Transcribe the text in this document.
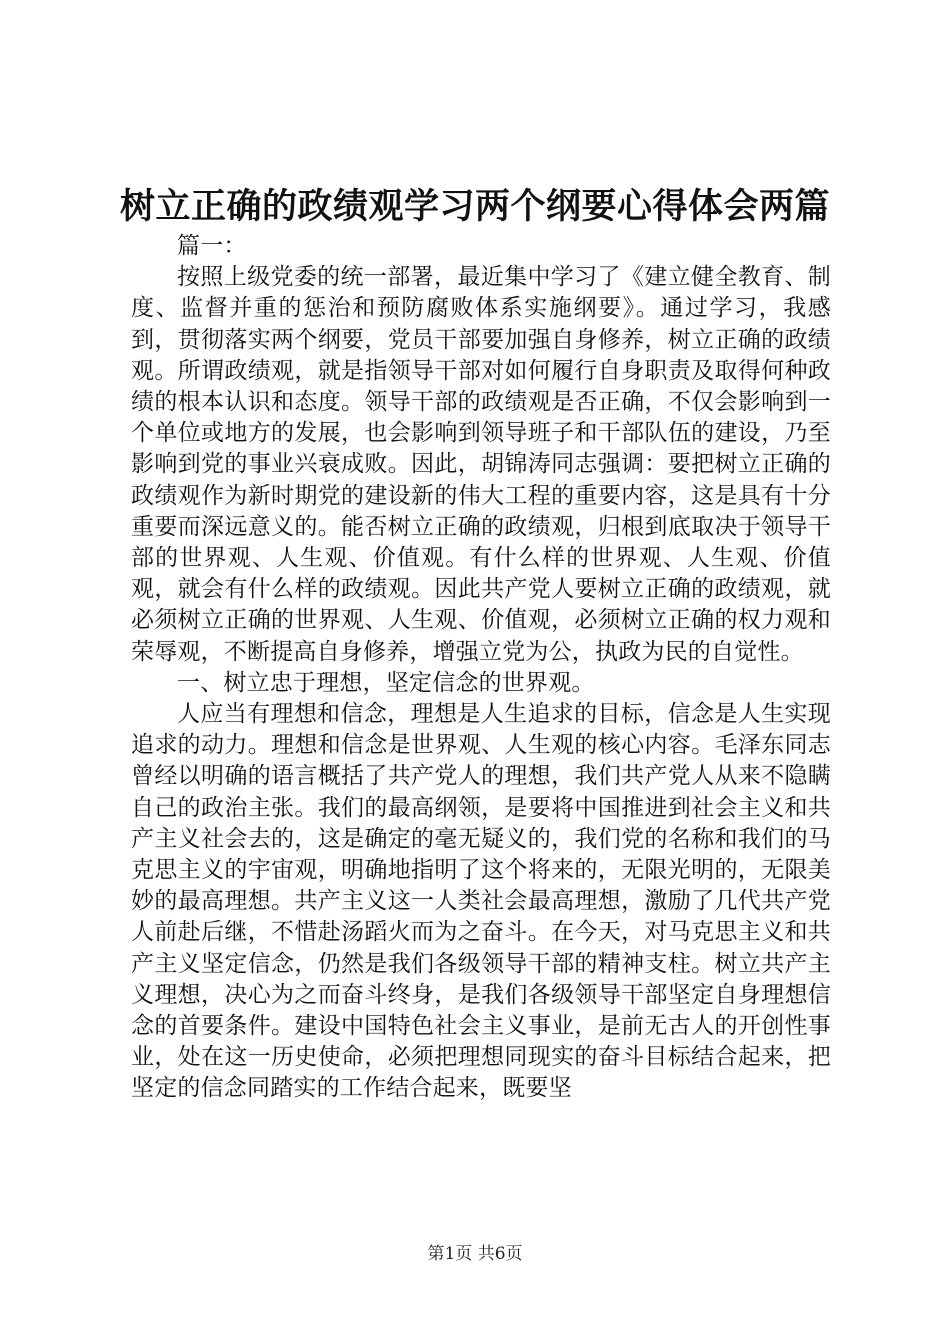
树立正确的政绩观学习两个纲要心得体会两篇

篇一：

按照上级党委的统一部署，最近集中学习了《建立健全教育、制度、监督并重的惩治和预防腐败体系实施纲要》。通过学习，我感到，贯彻落实两个纲要，党员干部要加强自身修养，树立正确的政绩观。所谓政绩观，就是指领导干部对如何履行自身职责及取得何种政绩的根本认识和态度。领导干部的政绩观是否正确，不仅会影响到一个单位或地方的发展，也会影响到领导班子和干部队伍的建设，乃至影响到党的事业兴衰成败。因此，胡锦涛同志强调：要把树立正确的政绩观作为新时期党的建设新的伟大工程的重要内容，这是具有十分重要而深远意义的。能否树立正确的政绩观，归根到底取决于领导干部的世界观、人生观、价值观。有什么样的世界观、人生观、价值观，就会有什么样的政绩观。因此共产党人要树立正确的政绩观，就必须树立正确的世界观、人生观、价值观，必须树立正确的权力观和荣辱观，不断提高自身修养，增强立党为公，执政为民的自觉性。

一、树立忠于理想，坚定信念的世界观。

人应当有理想和信念，理想是人生追求的目标，信念是人生实现追求的动力。理想和信念是世界观、人生观的核心内容。毛泽东同志曾经以明确的语言概括了共产党人的理想，我们共产党人从来不隐瞒自己的政治主张。我们的最高纲领，是要将中国推进到社会主义和共产主义社会去的，这是确定的毫无疑义的，我们党的名称和我们的马克思主义的宇宙观，明确地指明了这个将来的，无限光明的，无限美妙的最高理想。共产主义这一人类社会最高理想，激励了几代共产党人前赴后继，不惜赴汤蹈火而为之奋斗。在今天，对马克思主义和共产主义坚定信念，仍然是我们各级领导干部的精神支柱。树立共产主义理想，决心为之而奋斗终身，是我们各级领导干部坚定自身理想信念的首要条件。建设中国特色社会主义事业，是前无古人的开创性事业，处在这一历史使命，必须把理想同现实的奋斗目标结合起来，把坚定的信念同踏实的工作结合起来，既要坚

第1页 共6页
